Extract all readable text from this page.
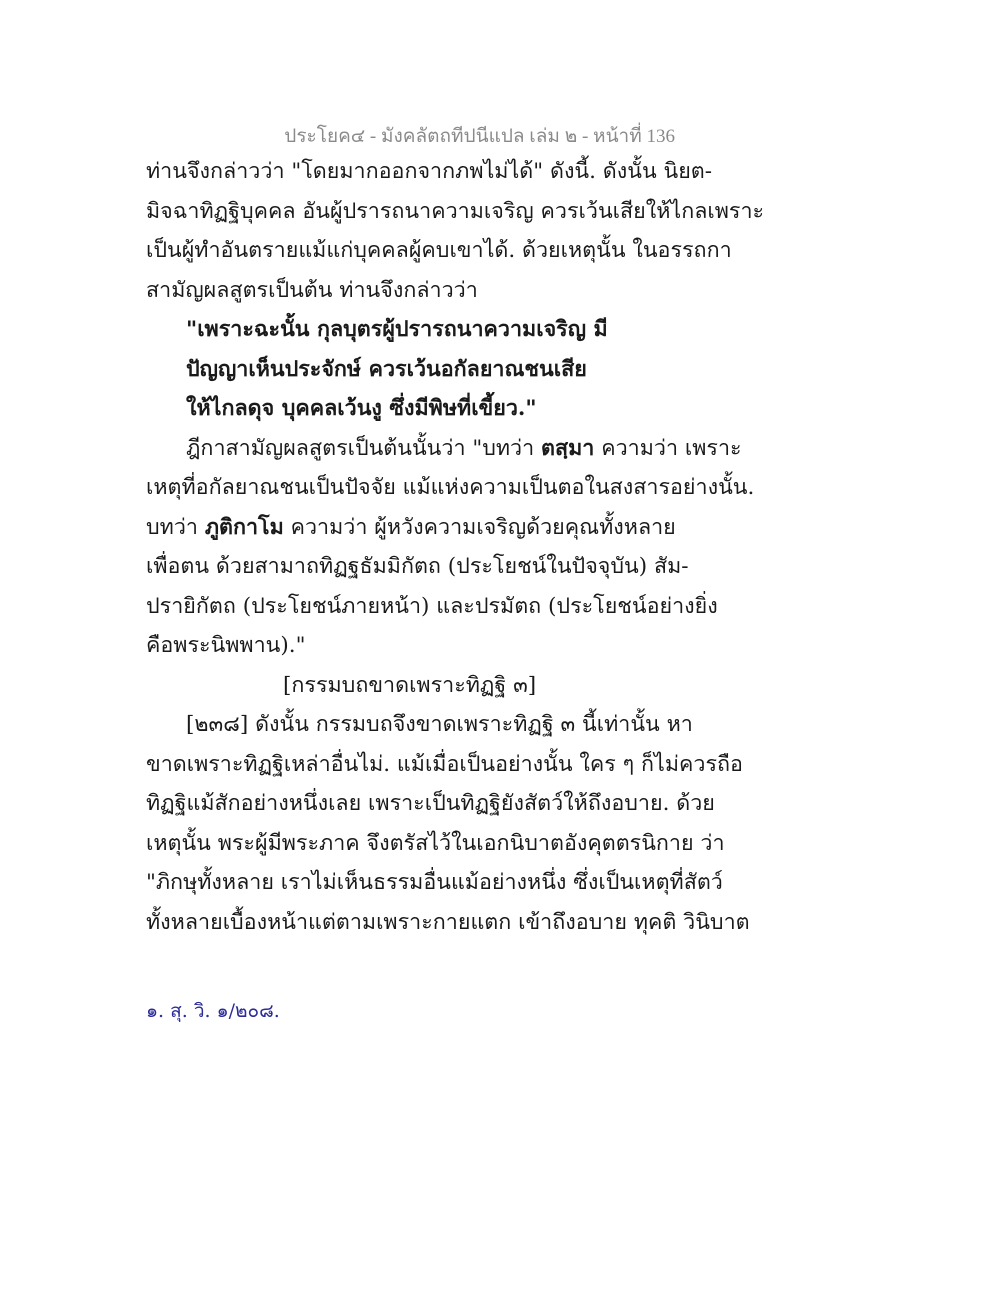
ประโยค๔ - มังคลัตถทีปนีแปล เล่ม ๒ - หน้าที่ 136
ท่านจึงกล่าวว่า "โดยมากออกจากภพไม่ได้" ดังนี้. ดังนั้น นิยต-
มิจฉาทิฏฐิบุคคล อันผู้ปรารถนาความเจริญ ควรเว้นเสียให้ไกลเพราะ
เป็นผู้ทำอันตรายแม้แก่บุคคลผู้คบเขาได้. ด้วยเหตุนั้น ในอรรถกา
สามัญผลสูตรเป็นต้น ท่านจึงกล่าวว่า
"เพราะฉะนั้น กุลบุตรผู้ปรารถนาความเจริญ มี
ปัญญาเห็นประจักษ์ ควรเว้นอกัลยาณชนเสีย
ให้ไกลดุจ บุคคลเว้นงู ซึ่งมีพิษที่เขี้ยว."
ฎีกาสามัญผลสูตรเป็นต้นนั้นว่า "บทว่า ตสฺมา ความว่า เพราะ
เหตุที่อกัลยาณชนเป็นปัจจัย แม้แห่งความเป็นตอในสงสารอย่างนั้น.
บทว่า ภูติกาโม ความว่า ผู้หวังความเจริญด้วยคุณทั้งหลาย
เพื่อตน ด้วยสามาถทิฏฐธัมมิกัตถ (ประโยชน์ในปัจจุบัน) สัม-
ปรายิกัตถ (ประโยชน์ภายหน้า) และปรมัตถ (ประโยชน์อย่างยิ่ง
คือพระนิพพาน)."
[กรรมบถขาดเพราะทิฏฐิ ๓]
[๒๓๘] ดังนั้น กรรมบถจึงขาดเพราะทิฏฐิ ๓ นี้เท่านั้น หา
ขาดเพราะทิฏฐิเหล่าอื่นไม่. แม้เมื่อเป็นอย่างนั้น ใคร ๆ ก็ไม่ควรถือ
ทิฏฐิแม้สักอย่างหนึ่งเลย เพราะเป็นทิฏฐิยังสัตว์ให้ถึงอบาย. ด้วย
เหตุนั้น พระผู้มีพระภาค จึงตรัสไว้ในเอกนิบาตอังคุตตรนิกาย ว่า
"ภิกษุทั้งหลาย เราไม่เห็นธรรมอื่นแม้อย่างหนึ่ง ซึ่งเป็นเหตุที่สัตว์
ทั้งหลายเบื้องหน้าแต่ตามเพราะกายแตก เข้าถึงอบาย ทุคติ วินิบาต
๑. สุ. วิ. ๑/๒๐๘.
